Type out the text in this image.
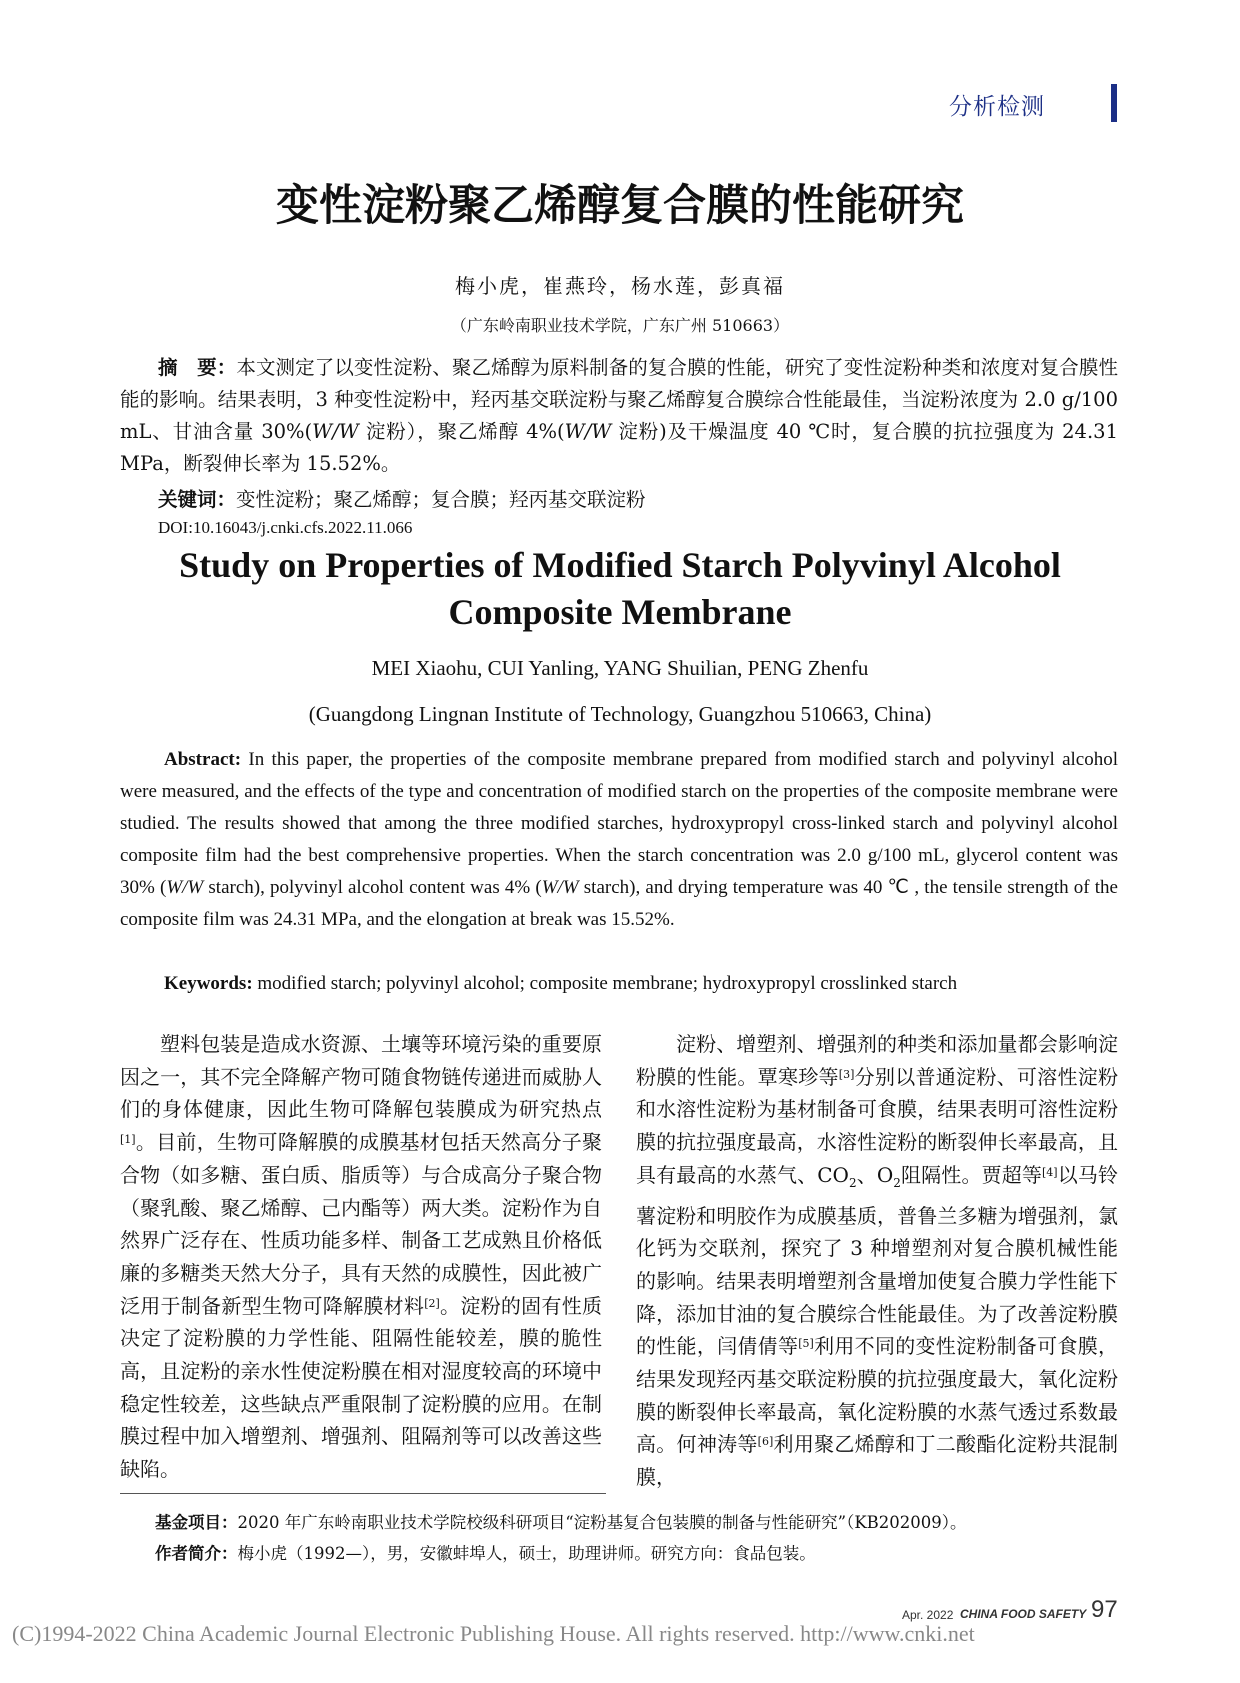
分析检测
变性淀粉聚乙烯醇复合膜的性能研究
梅小虎，崔燕玲，杨水莲，彭真福
（广东岭南职业技术学院，广东广州 510663）
摘　要：本文测定了以变性淀粉、聚乙烯醇为原料制备的复合膜的性能，研究了变性淀粉种类和浓度对复合膜性能的影响。结果表明，3 种变性淀粉中，羟丙基交联淀粉与聚乙烯醇复合膜综合性能最佳，当淀粉浓度为 2.0 g/100 mL、甘油含量 30%(W/W 淀粉），聚乙烯醇 4%(W/W 淀粉)及干燥温度 40 ℃时，复合膜的抗拉强度为 24.31 MPa，断裂伸长率为 15.52%。
关键词：变性淀粉；聚乙烯醇；复合膜；羟丙基交联淀粉
DOI:10.16043/j.cnki.cfs.2022.11.066
Study on Properties of Modified Starch Polyvinyl Alcohol
Composite Membrane
MEI Xiaohu, CUI Yanling, YANG Shuilian, PENG Zhenfu
(Guangdong Lingnan Institute of Technology, Guangzhou 510663, China)
Abstract: In this paper, the properties of the composite membrane prepared from modified starch and polyvinyl alcohol were measured, and the effects of the type and concentration of modified starch on the properties of the composite membrane were studied. The results showed that among the three modified starches, hydroxypropyl cross-linked starch and polyvinyl alcohol composite film had the best comprehensive properties. When the starch concentration was 2.0 g/100 mL, glycerol content was 30% (W/W starch), polyvinyl alcohol content was 4% (W/W starch), and drying temperature was 40 ℃ , the tensile strength of the composite film was 24.31 MPa, and the elongation at break was 15.52%.
Keywords: modified starch; polyvinyl alcohol; composite membrane; hydroxypropyl crosslinked starch
塑料包装是造成水资源、土壤等环境污染的重要原因之一，其不完全降解产物可随食物链传递进而威胁人们的身体健康，因此生物可降解包装膜成为研究热点[1]。目前，生物可降解膜的成膜基材包括天然高分子聚合物（如多糖、蛋白质、脂质等）与合成高分子聚合物（聚乳酸、聚乙烯醇、己内酯等）两大类。淀粉作为自然界广泛存在、性质功能多样、制备工艺成熟且价格低廉的多糖类天然大分子，具有天然的成膜性，因此被广泛用于制备新型生物可降解膜材料[2]。淀粉的固有性质决定了淀粉膜的力学性能、阻隔性能较差，膜的脆性高，且淀粉的亲水性使淀粉膜在相对湿度较高的环境中稳定性较差，这些缺点严重限制了淀粉膜的应用。在制膜过程中加入增塑剂、增强剂、阻隔剂等可以改善这些缺陷。
淀粉、增塑剂、增强剂的种类和添加量都会影响淀粉膜的性能。覃寒珍等[3]分别以普通淀粉、可溶性淀粉和水溶性淀粉为基材制备可食膜，结果表明可溶性淀粉膜的抗拉强度最高，水溶性淀粉的断裂伸长率最高，且具有最高的水蒸气、$CO_2$、$O_2$阻隔性。贾超等[4]以马铃薯淀粉和明胶作为成膜基质，普鲁兰多糖为增强剂，氯化钙为交联剂，探究了 3 种增塑剂对复合膜机械性能的影响。结果表明增塑剂含量增加使复合膜力学性能下降，添加甘油的复合膜综合性能最佳。为了改善淀粉膜的性能，闫倩倩等[5]利用不同的变性淀粉制备可食膜，结果发现羟丙基交联淀粉膜的抗拉强度最大，氧化淀粉膜的断裂伸长率最高，氧化淀粉膜的水蒸气透过系数最高。何神涛等[6]利用聚乙烯醇和丁二酸酯化淀粉共混制膜，
基金项目：2020 年广东岭南职业技术学院校级科研项目“淀粉基复合包装膜的制备与性能研究”（KB202009）。
作者简介：梅小虎（1992—），男，安徽蚌埠人，硕士，助理讲师。研究方向：食品包装。
(C)1994-2022 China Academic Journal Electronic Publishing House. All rights reserved. http://www.cnki.net
Apr. 2022 CHINA FOOD SAFETY 97
